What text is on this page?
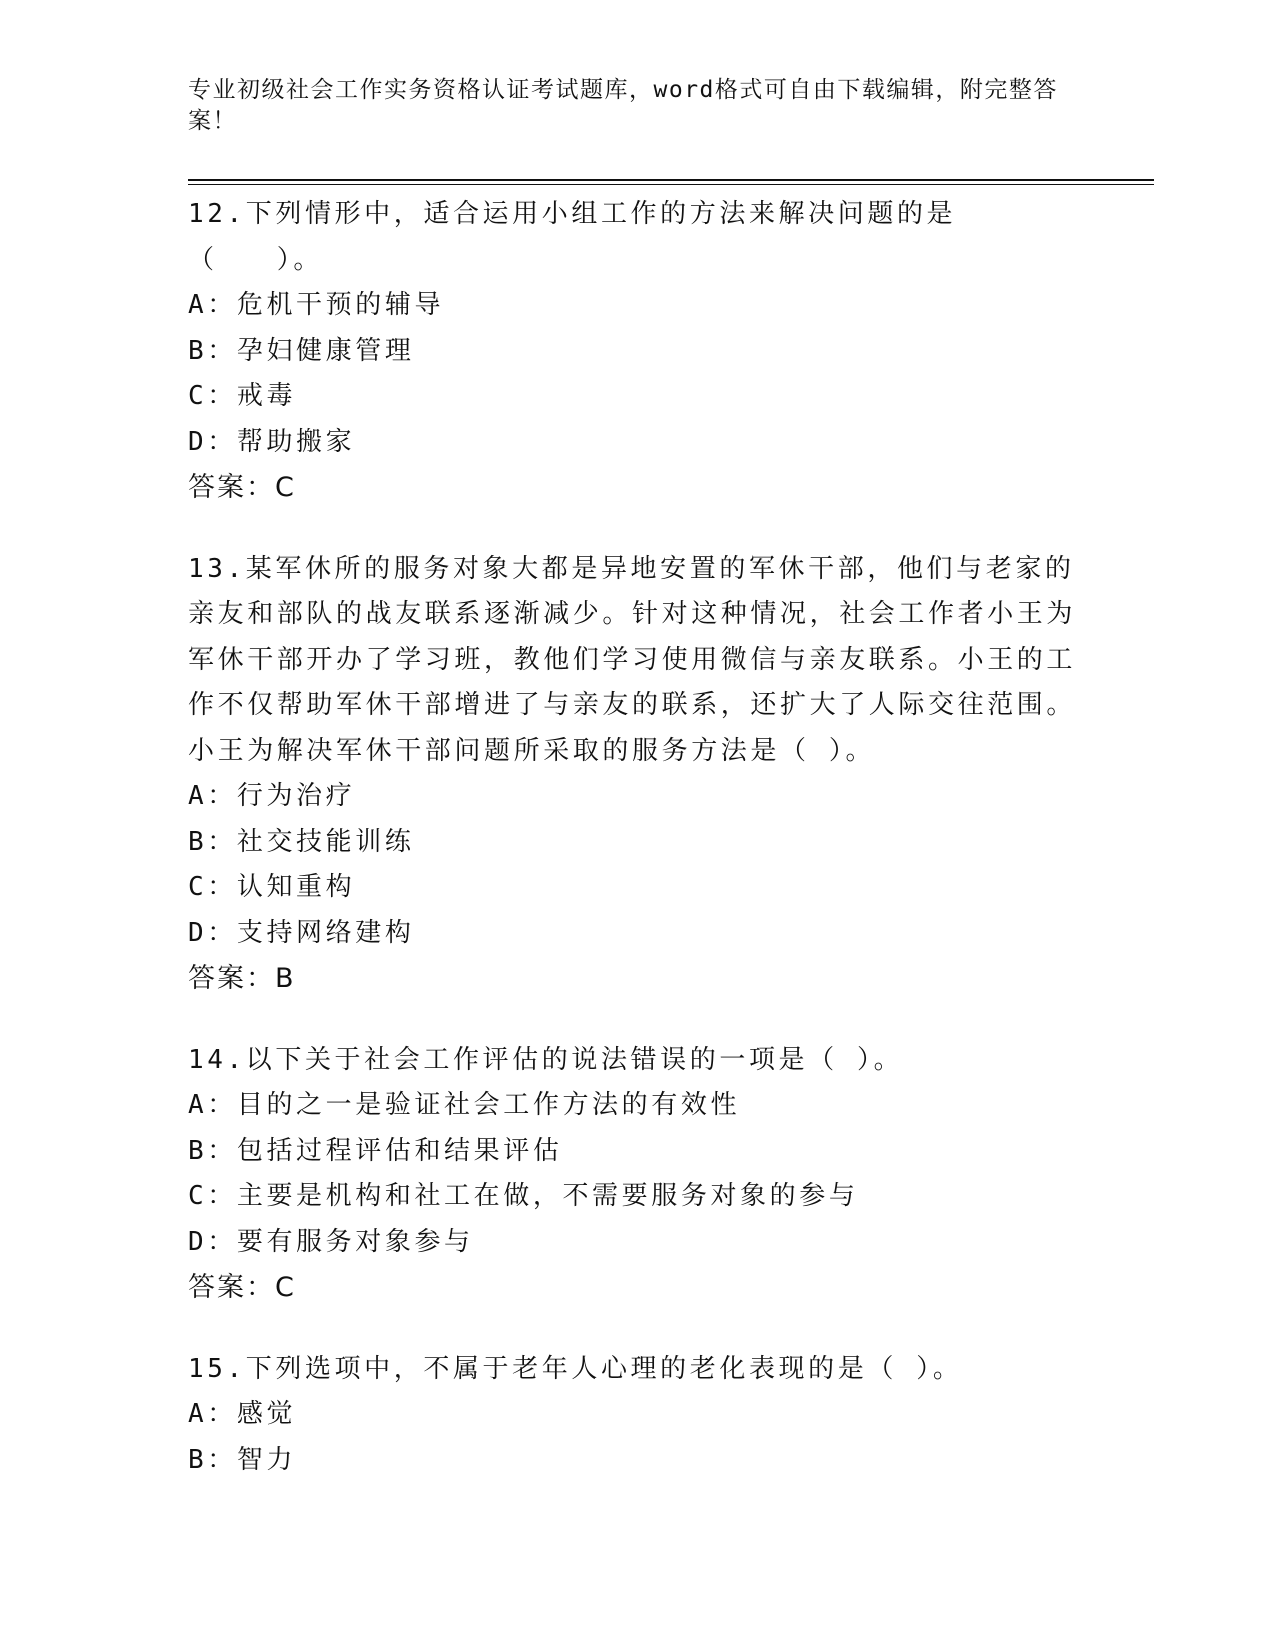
专业初级社会工作实务资格认证考试题库，word格式可自由下载编辑，附完整答案！

12.下列情形中，适合运用小组工作的方法来解决问题的是（　　）。

A：危机干预的辅导

B：孕妇健康管理

C：戒毒

D：帮助搬家

答案：C

13.某军休所的服务对象大都是异地安置的军休干部，他们与老家的亲友和部队的战友联系逐渐减少。针对这种情况，社会工作者小王为军休干部开办了学习班，教他们学习使用微信与亲友联系。小王的工作不仅帮助军休干部增进了与亲友的联系，还扩大了人际交往范围。小王为解决军休干部问题所采取的服务方法是（ ）。

A：行为治疗

B：社交技能训练

C：认知重构

D：支持网络建构

答案：B

14.以下关于社会工作评估的说法错误的一项是（ ）。

A：目的之一是验证社会工作方法的有效性

B：包括过程评估和结果评估

C：主要是机构和社工在做，不需要服务对象的参与

D：要有服务对象参与

答案：C

15.下列选项中，不属于老年人心理的老化表现的是（ ）。

A：感觉

B：智力
